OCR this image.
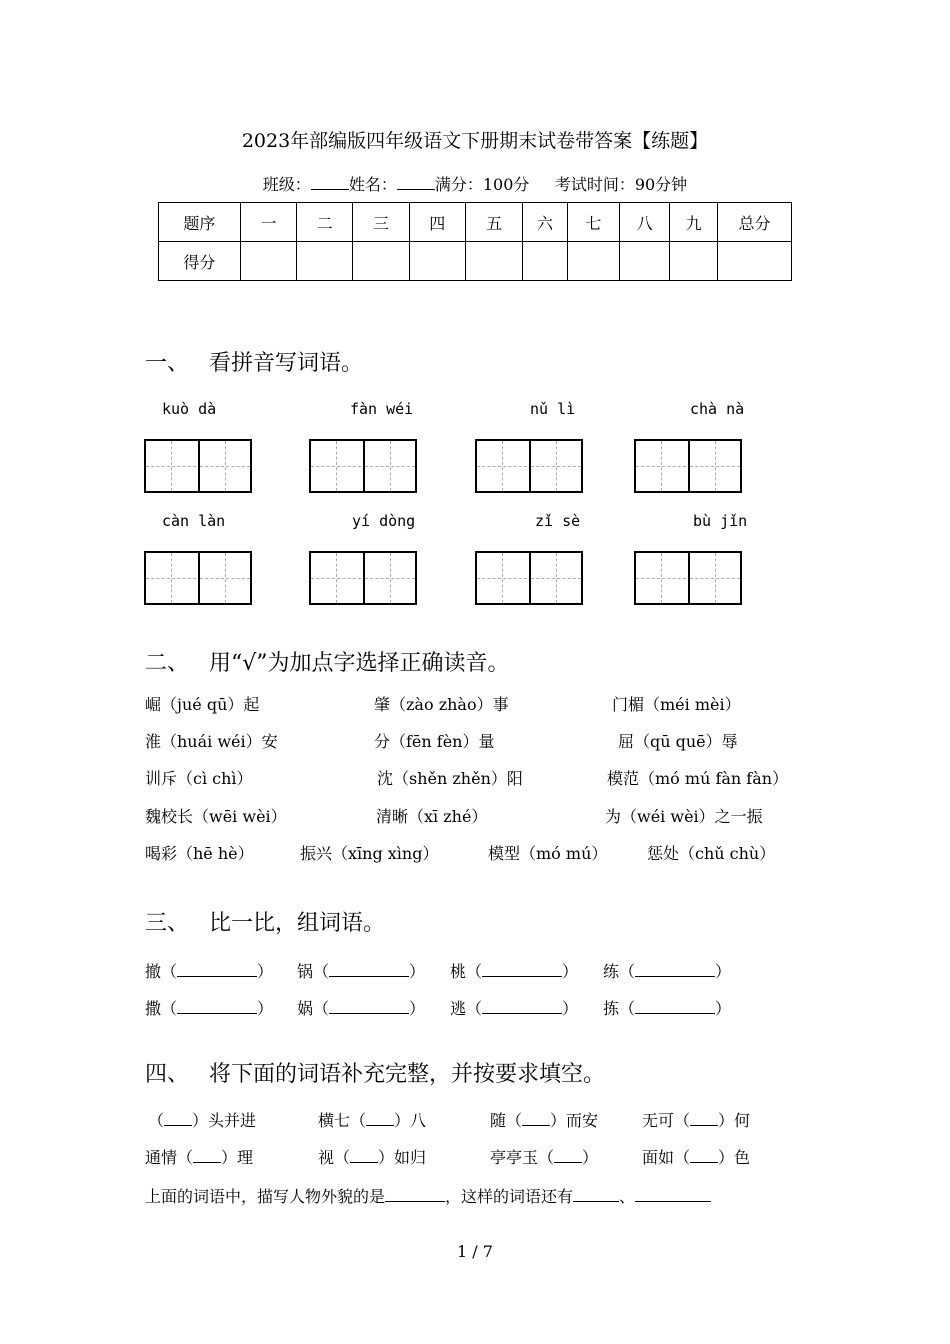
2023年部编版四年级语文下册期末试卷带答案【练题】
班级： 姓名： 满分：100分 考试时间：90分钟
题序	一	二	三	四	五	六	七	八	九	总分
得分										
一、 看拼音写词语。
kuò dà	fàn wéi	nǔ lì	chà nà
càn làn	yí dòng	zǐ sè	bù jǐn
二、 用“√”为加点字选择正确读音。
崛（jué qū）起	肇（zào zhào）事	门楣（méi mèi）
淮（huái wéi）安	分（fēn fèn）量	屈（qū quē）辱
训斥（cì chì）	沈（shěn zhěn）阳	模范（mó mú fàn fàn）
魏校长（wēi wèi）	清晰（xī zhé）	为（wéi wèi）之一振
喝彩（hē hè）	振兴（xīng xìng）	模型（mó mú） 惩处（chǔ chù）
三、 比一比，组词语。
撤（	） 锅（	） 桃（	） 练（	）
撒（	） 娲（	） 逃（	） 拣（	）
四、 将下面的词语补充完整，并按要求填空。
（ ）头并进	横七（ ）八	随（ ）而安	无可（ ）何
通情（ ）理	视（ ）如归	亭亭玉（ ）	面如（ ）色
上面的词语中，描写人物外貌的是	，这样的词语还有	、
1 / 7
